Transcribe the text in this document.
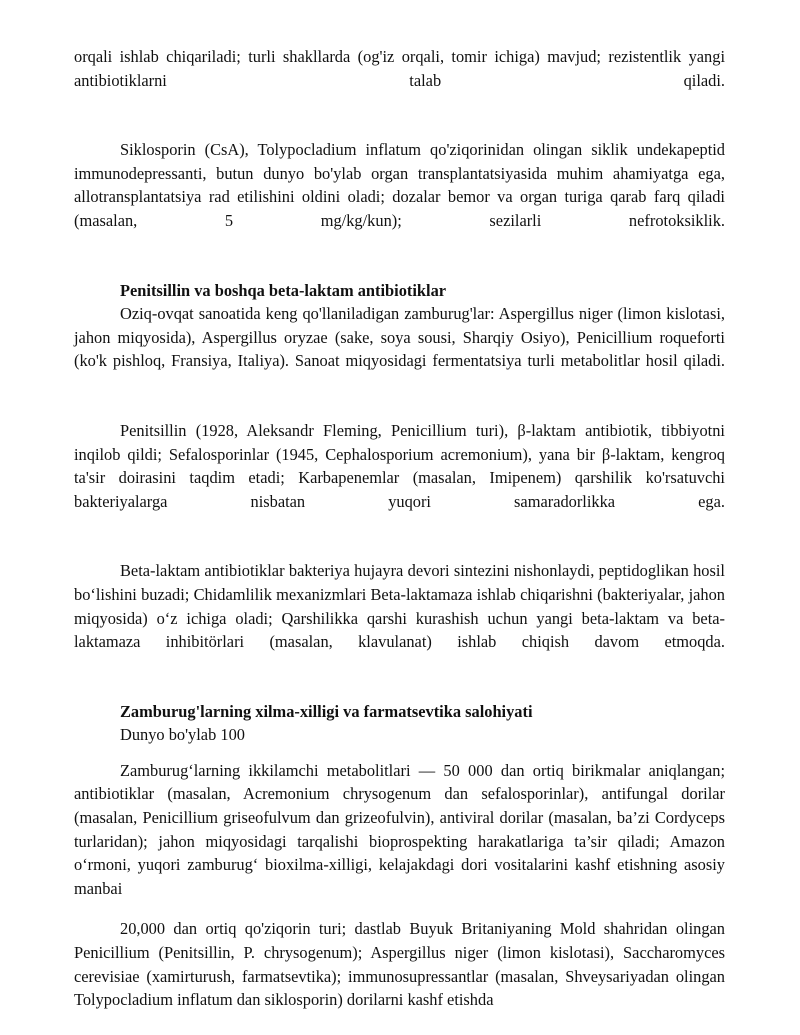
orqali ishlab chiqariladi; turli shakllarda (og'iz orqali, tomir ichiga) mavjud; rezistentlik yangi antibiotiklarni talab qiladi.

Siklosporin (CsA), Tolypocladium inflatum qo'ziqorinidan olingan siklik undekapeptid immunodepressanti, butun dunyo bo'ylab organ transplantatsiyasida muhim ahamiyatga ega, allotransplantatsiya rad etilishini oldini oladi; dozalar bemor va organ turiga qarab farq qiladi (masalan, 5 mg/kg/kun); sezilarli nefrotoksiklik.

Penitsillin va boshqa beta-laktam antibiotiklar

Oziq-ovqat sanoatida keng qo'llaniladigan zamburug'lar: Aspergillus niger (limon kislotasi, jahon miqyosida), Aspergillus oryzae (sake, soya sousi, Sharqiy Osiyo), Penicillium roqueforti (ko'k pishloq, Fransiya, Italiya). Sanoat miqyosidagi fermentatsiya turli metabolitlar hosil qiladi.

Penitsillin (1928, Aleksandr Fleming, Penicillium turi), β-laktam antibiotik, tibbiyotni inqilob qildi; Sefalosporinlar (1945, Cephalosporium acremonium), yana bir β-laktam, kengroq ta'sir doirasini taqdim etadi; Karbapenemlar (masalan, Imipenem) qarshilik ko'rsatuvchi bakteriyalarga nisbatan yuqori samaradorlikka ega.

Beta-laktam antibiotiklar bakteriya hujayra devori sintezini nishonlaydi, peptidoglikan hosil bo‘lishini buzadi; Chidamlilik mexanizmlari Beta-laktamaza ishlab chiqarishni (bakteriyalar, jahon miqyosida) o‘z ichiga oladi; Qarshilikka qarshi kurashish uchun yangi beta-laktam va beta-laktamaza inhibitörlari (masalan, klavulanat) ishlab chiqish davom etmoqda.

Zamburug'larning xilma-xilligi va farmatsevtika salohiyati
Dunyo bo'ylab 100

Zamburug‘larning ikkilamchi metabolitlari — 50 000 dan ortiq birikmalar aniqlangan; antibiotiklar (masalan, Acremonium chrysogenum dan sefalosporinlar), antifungal dorilar (masalan, Penicillium griseofulvum dan grizeofulvin), antiviral dorilar (masalan, ba’zi Cordyceps turlaridan); jahon miqyosidagi tarqalishi bioprospekting harakatlariga ta’sir qiladi; Amazon o‘rmoni, yuqori zamburug‘ bioxilma-xilligi, kelajakdagi dori vositalarini kashf etishning asosiy manbai

20,000 dan ortiq qo'ziqorin turi; dastlab Buyuk Britaniyaning Mold shahridan olingan Penicillium (Penitsillin, P. chrysogenum); Aspergillus niger (limon kislotasi), Saccharomyces cerevisiae (xamirturush, farmatsevtika); immunosupressantlar (masalan, Shveysariyadan olingan Tolypocladium inflatum dan siklosporin) dorilarni kashf etishda
